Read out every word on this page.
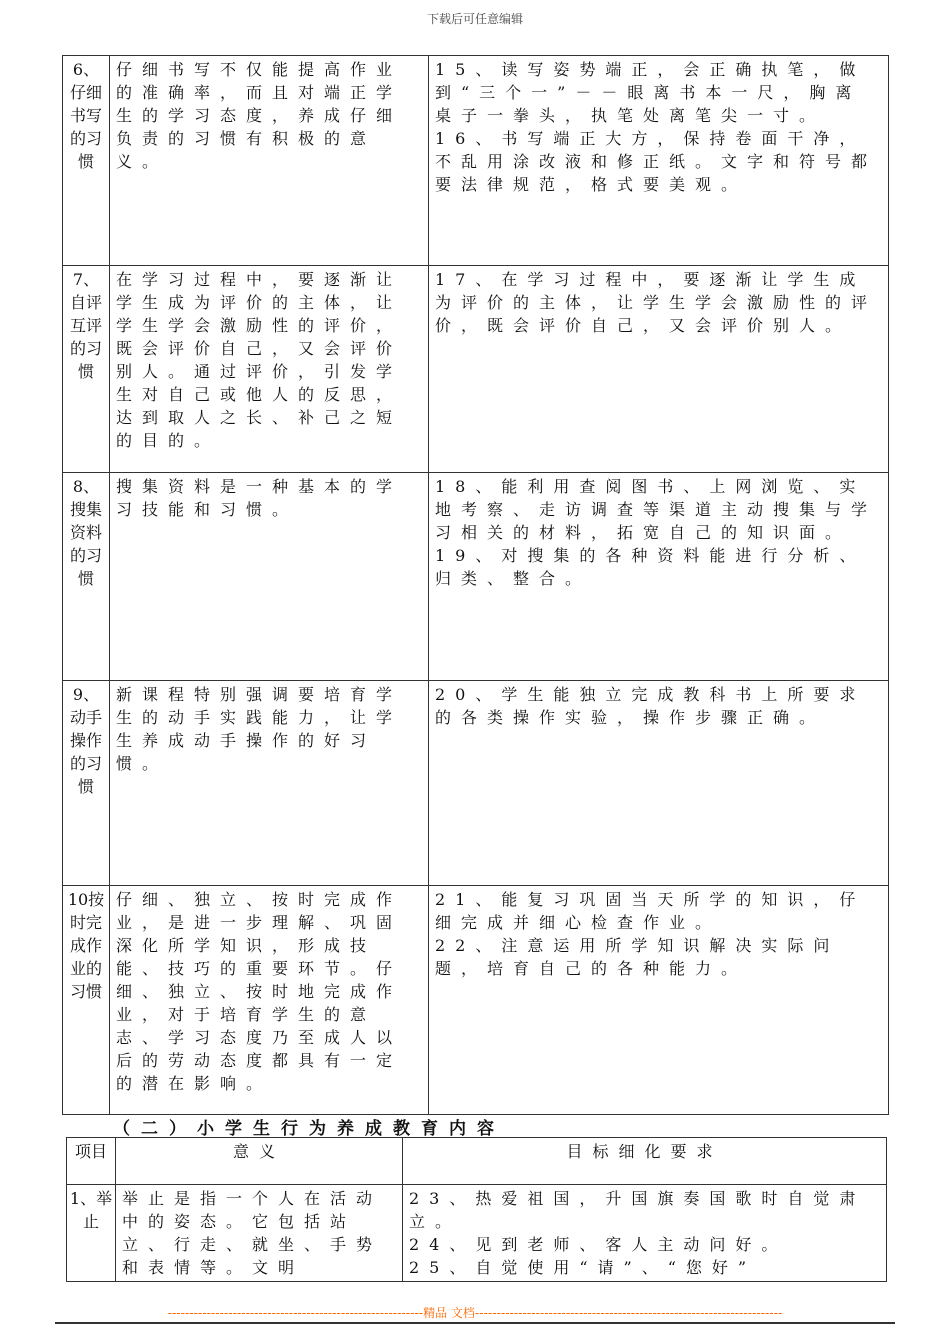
下载后可任意编辑
6、仔细书写的习惯	仔细书写不仅能提高作业的准确率，而且对端正学生的学习态度，养成仔细负责的习惯有积极的意义。	15、读写姿势端正，会正确执笔，做到“三个一”－－眼离书本一尺，胸离桌子一拳头，执笔处离笔尖一寸。
16、书写端正大方，保持卷面干净，不乱用涂改液和修正纸。文字和符号都要法律规范，格式要美观。

7、自评互评的习惯	在学习过程中，要逐渐让学生成为评价的主体，让学生学会激励性的评价，既会评价自己，又会评价别人。通过评价，引发学生对自己或他人的反思，达到取人之长、补己之短的目的。	17、在学习过程中，要逐渐让学生成为评价的主体，让学生学会激励性的评价，既会评价自己，又会评价别人。

8、搜集资料的习惯	搜集资料是一种基本的学习技能和习惯。	18、能利用查阅图书、上网浏览、实地考察、走访调查等渠道主动搜集与学习相关的材料，拓宽自己的知识面。
19、对搜集的各种资料能进行分析、归类、整合。

9、动手操作的习惯	新课程特别强调要培育学生的动手实践能力，让学生养成动手操作的好习惯。	20、学生能独立完成教科书上所要求的各类操作实验，操作步骤正确。

10按时完成作业的习惯	仔细、独立、按时完成作业，是进一步理解、巩固深化所学知识，形成技能、技巧的重要环节。仔细、独立、按时地完成作业，对于培育学生的意志、学习态度乃至成人以后的劳动态度都具有一定的潜在影响。	21、能复习巩固当天所学的知识，仔细完成并细心检查作业。
22、注意运用所学知识解决实际问题，培育自己的各种能力。
（二）小学生行为养成教育内容
项目	意义	目标细化要求
1、举止	举止是指一个人在活动中的姿态。它包括站立、行走、就坐、手势和表情等。文明	23、热爱祖国，升国旗奏国歌时自觉肃立。
24、见到老师、客人主动问好。
25、自觉使用“请”、“您好”
-----------------------------------------------------------精品 文档-----------------------------------------------------------------------
